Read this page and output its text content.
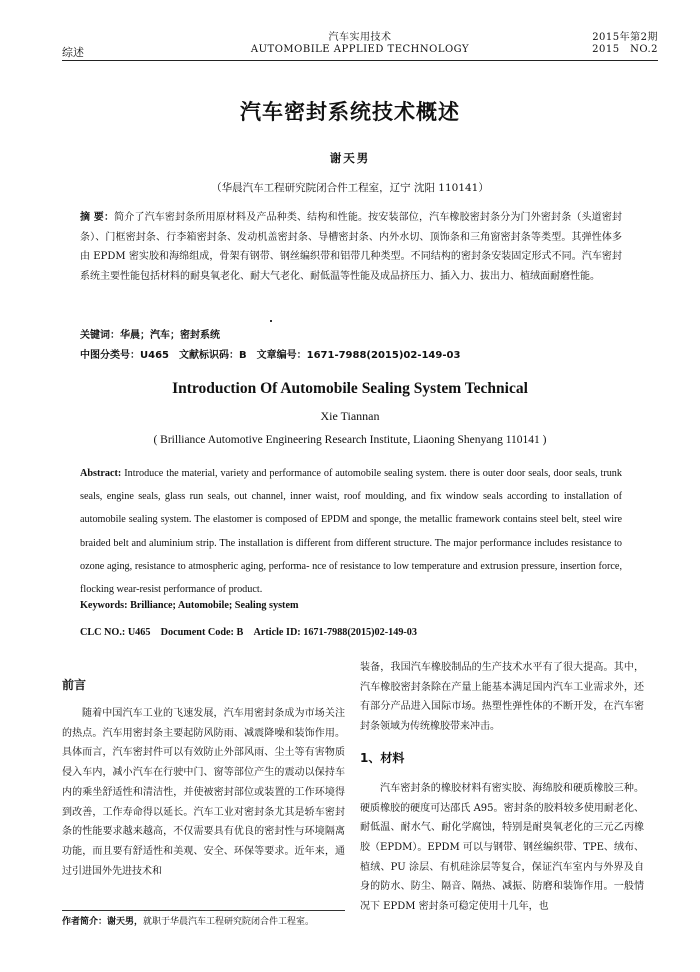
综述
汽车实用技术
AUTOMOBILE APPLIED TECHNOLOGY
2015年第2期
2015　NO.2
汽车密封系统技术概述
谢天男
（华晨汽车工程研究院闭合件工程室，辽宁 沈阳 110141）
摘 要：简介了汽车密封条所用原材料及产品种类、结构和性能。按安装部位，汽车橡胶密封条分为门外密封条（头道密封条）、门框密封条、行李箱密封条、发动机盖密封条、导槽密封条、内外水切、顶饰条和三角窗密封条等类型。其弹性体多由 EPDM 密实胶和海绵组成，骨架有钢带、钢丝编织带和铝带几种类型。不同结构的密封条安装固定形式不同。汽车密封系统主要性能包括材料的耐臭氧老化、耐大气老化、耐低温等性能及成品挤压力、插入力、拔出力、植绒面耐磨性能。
关键词：华晨；汽车；密封系统
中图分类号：U465　文献标识码：B　文章编号：1671-7988(2015)02-149-03
Introduction Of Automobile Sealing System Technical
Xie Tiannan
( Brilliance Automotive Engineering Research Institute, Liaoning Shenyang 110141 )
Abstract: Introduce the material, variety and performance of automobile sealing system. there is outer door seals, door seals, trunk seals, engine seals, glass run seals, out channel, inner waist, roof moulding, and fix window seals according to installation of automobile sealing system. The elastomer is composed of EPDM and sponge, the metallic framework contains steel belt, steel wire braided belt and aluminium strip. The installation is different from different structure. The major performance includes resistance to ozone aging, resistance to atmospheric aging, performa- nce of resistance to low temperature and extrusion pressure, insertion force, flocking wear-resist performance of product.
Keywords: Brilliance; Automobile; Sealing system
CLC NO.: U465　Document Code: B　Article ID: 1671-7988(2015)02-149-03
前言

随着中国汽车工业的飞速发展，汽车用密封条成为市场关注的热点。汽车用密封条主要起防风防雨、减震降噪和装饰作用。具体而言，汽车密封件可以有效防止外部风雨、尘土等有害物质侵入车内，减小汽车在行驶中门、窗等部位产生的震动以保持车内的乘坐舒适性和清洁性，并使被密封部位或装置的工作环境得到改善，工作寿命得以延长。汽车工业对密封条尤其是轿车密封条的性能要求越来越高，不仅需要具有优良的密封性与环境隔离功能，而且要有舒适性和美观、安全、环保等要求。近年来，通过引进国外先进技术和

装备，我国汽车橡胶制品的生产技术水平有了很大提高。其中，汽车橡胶密封条除在产量上能基本满足国内汽车工业需求外，还有部分产品进入国际市场。热塑性弹性体的不断开发，在汽车密封条领域为传统橡胶带来冲击。

1、材料

汽车密封条的橡胶材料有密实胶、海绵胶和硬质橡胶三种。硬质橡胶的硬度可达邵氏 A95。密封条的胶料较多使用耐老化、耐低温、耐水气、耐化学腐蚀，特别是耐臭氧老化的三元乙丙橡胶（EPDM）。EPDM 可以与钢带、钢丝编织带、TPE、绒布、植绒、PU 涂层、有机硅涂层等复合，保证汽车室内与外界及自身的防水、防尘、隔音、隔热、减振、防磨和装饰作用。一般情况下 EPDM 密封条可稳定使用十几年，也

作者简介：谢天男，就职于华晨汽车工程研究院闭合件工程室。
